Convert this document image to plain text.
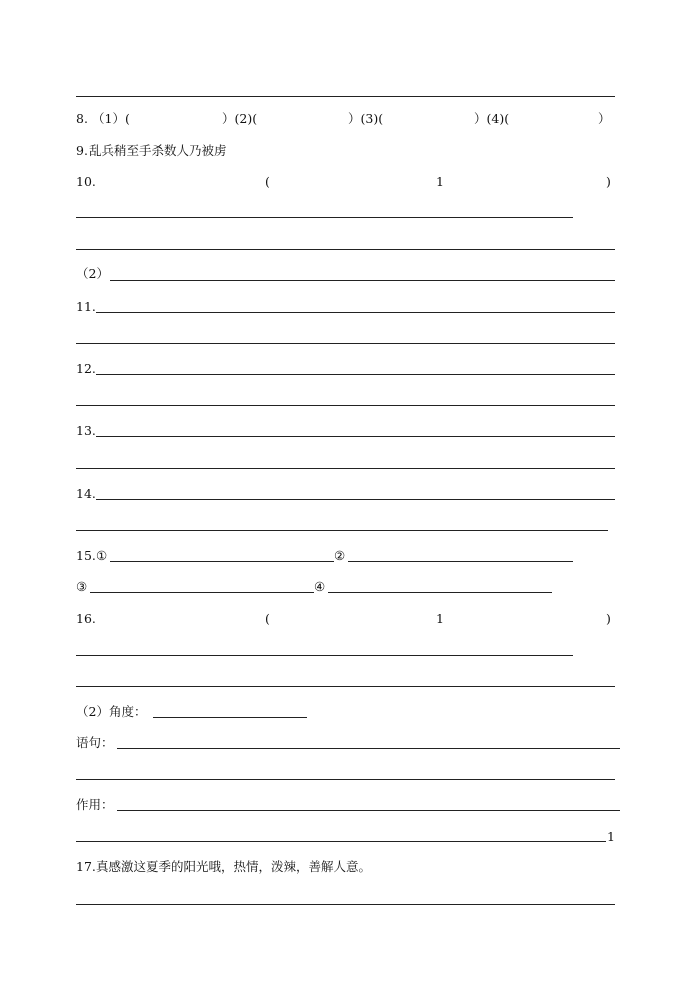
8. （1）(	）(2)(	）(3)(	）(4)(	）
9. 乱兵稍至手杀数人乃被虏
10.	(	1	)
（2）
11.
12.
13.
14.
15. ①	②
③	④
16.	(	1	)
（2）角度：
语句：
作用：
1
17. 真感激这夏季的阳光哦，热情，泼辣，善解人意。
